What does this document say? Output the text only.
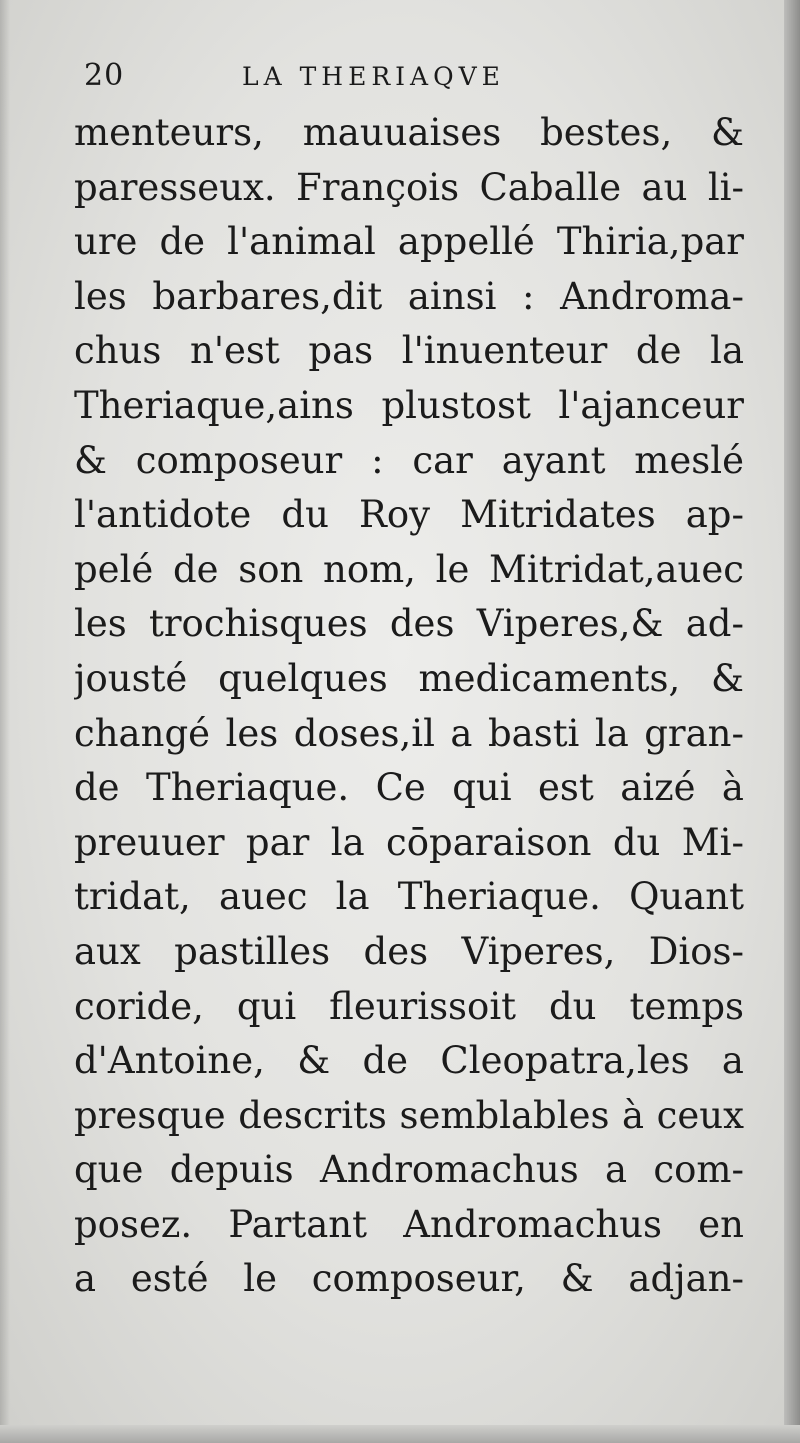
20	LA THERIAQVE
menteurs, mauuaises bestes, &
paresseux. François Caballe au li-
ure de l'animal appellé Thiria,par
les barbares,dit ainsi : Androma-
chus n'est pas l'inuenteur de la
Theriaque,ains plustost l'ajanceur
& composeur : car ayant meslé
l'antidote du Roy Mitridates ap-
pelé de son nom, le Mitridat,auec
les trochisques des Viperes,& ad-
jousté quelques medicaments, &
changé les doses,il a basti la gran-
de Theriaque. Ce qui est aizé à
preuuer par la cōparaison du Mi-
tridat, auec la Theriaque. Quant
aux pastilles des Viperes, Dios-
coride, qui fleurissoit du temps
d'Antoine, & de Cleopatra,les a
presque descrits semblables à ceux
que depuis Andromachus a com-
posez. Partant Andromachus en
a esté le composeur, & adjan-
